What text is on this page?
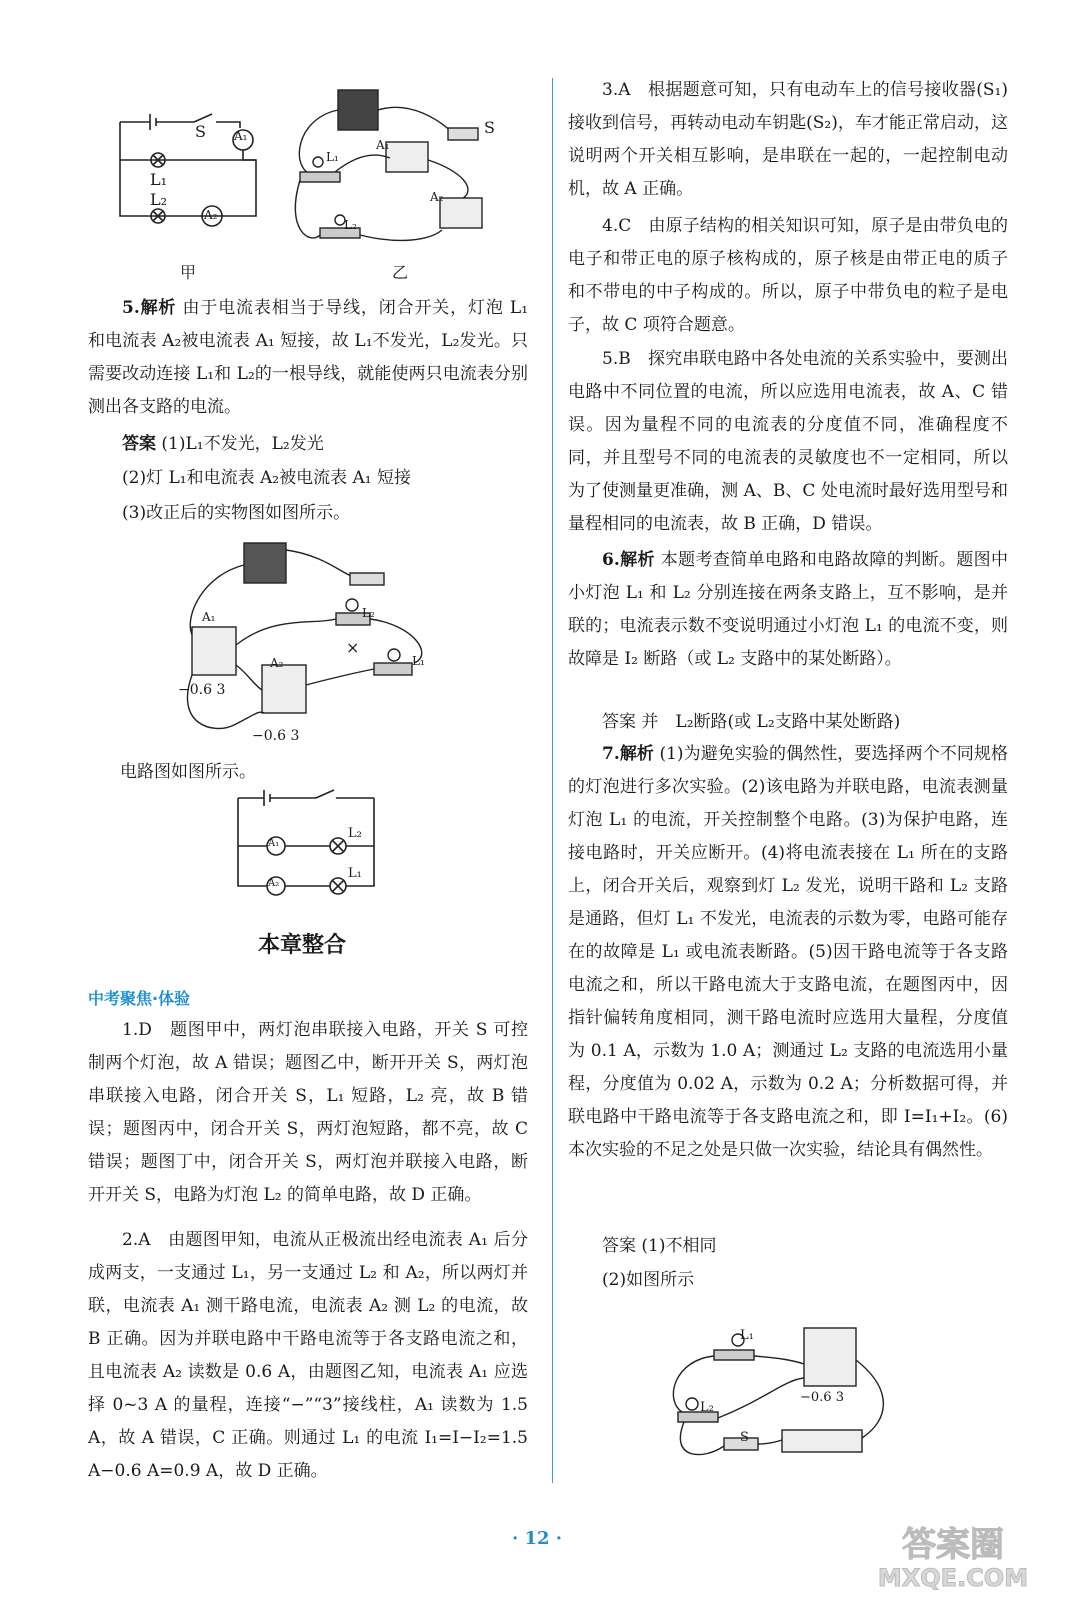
S A₁
L₁
L₂
A₂
甲
A₁
S
L₁
A₂
L₂
乙

5.解析 由于电流表相当于导线，闭合开关，灯泡 L₁ 和电流表 A₂被电流表 A₁ 短接，故 L₁不发光，L₂发光。只需要改动连接 L₁和 L₂的一根导线，就能使两只电流表分别测出各支路的电流。

答案 (1)L₁不发光，L₂发光

(2)灯 L₁和电流表 A₂被电流表 A₁ 短接

(3)改正后的实物图如图所示。

A₁
A₂
L₂
L₁
×
−0.6 3
−0.6 3

电路图如图所示。

L₂
L₁
A₁
A₂
本章整合
中考聚焦·体验

1.D　题图甲中，两灯泡串联接入电路，开关 S 可控制两个灯泡，故 A 错误；题图乙中，断开开关 S，两灯泡串联接入电路，闭合开关 S，L₁ 短路，L₂ 亮，故 B 错误；题图丙中，闭合开关 S，两灯泡短路，都不亮，故 C 错误；题图丁中，闭合开关 S，两灯泡并联接入电路，断开开关 S，电路为灯泡 L₂ 的简单电路，故 D 正确。

2.A　由题图甲知，电流从正极流出经电流表 A₁ 后分成两支，一支通过 L₁，另一支通过 L₂ 和 A₂，所以两灯并联，电流表 A₁ 测干路电流，电流表 A₂ 测 L₂ 的电流，故 B 正确。因为并联电路中干路电流等于各支路电流之和，且电流表 A₂ 读数是 0.6 A，由题图乙知，电流表 A₁ 应选择 0~3 A 的量程，连接“−”“3”接线柱，A₁ 读数为 1.5 A，故 A 错误，C 正确。则通过 L₁ 的电流 I₁=I−I₂=1.5 A−0.6 A=0.9 A，故 D 正确。

3.A　根据题意可知，只有电动车上的信号接收器(S₁)接收到信号，再转动电动车钥匙(S₂)，车才能正常启动，这说明两个开关相互影响，是串联在一起的，一起控制电动机，故 A 正确。

4.C　由原子结构的相关知识可知，原子是由带负电的电子和带正电的原子核构成的，原子核是由带正电的质子和不带电的中子构成的。所以，原子中带负电的粒子是电子，故 C 项符合题意。

5.B　探究串联电路中各处电流的关系实验中，要测出电路中不同位置的电流，所以应选用电流表，故 A、C 错误。因为量程不同的电流表的分度值不同，准确程度不同，并且型号不同的电流表的灵敏度也不一定相同，所以为了使测量更准确，测 A、B、C 处电流时最好选用型号和量程相同的电流表，故 B 正确，D 错误。

6.解析 本题考查简单电路和电路故障的判断。题图中小灯泡 L₁ 和 L₂ 分别连接在两条支路上，互不影响，是并联的；电流表示数不变说明通过小灯泡 L₁ 的电流不变，则故障是 I₂ 断路（或 L₂ 支路中的某处断路）。

答案 并　L₂断路(或 L₂支路中某处断路)

7.解析 (1)为避免实验的偶然性，要选择两个不同规格的灯泡进行多次实验。(2)该电路为并联电路，电流表测量灯泡 L₁ 的电流，开关控制整个电路。(3)为保护电路，连接电路时，开关应断开。(4)将电流表接在 L₁ 所在的支路上，闭合开关后，观察到灯 L₂ 发光，说明干路和 L₂ 支路是通路，但灯 L₁ 不发光，电流表的示数为零，电路可能存在的故障是 L₁ 或电流表断路。(5)因干路电流等于各支路电流之和，所以干路电流大于支路电流，在题图丙中，因指针偏转角度相同，测干路电流时应选用大量程，分度值为 0.1 A，示数为 1.0 A；测通过 L₂ 支路的电流选用小量程，分度值为 0.02 A，示数为 0.2 A；分析数据可得，并联电路中干路电流等于各支路电流之和，即 I=I₁+I₂。(6)本次实验的不足之处是只做一次实验，结论具有偶然性。

答案 (1)不相同

(2)如图所示

L₁
L₂
S
−0.6 3
· 12 ·	答案圈
MXQE.COM
